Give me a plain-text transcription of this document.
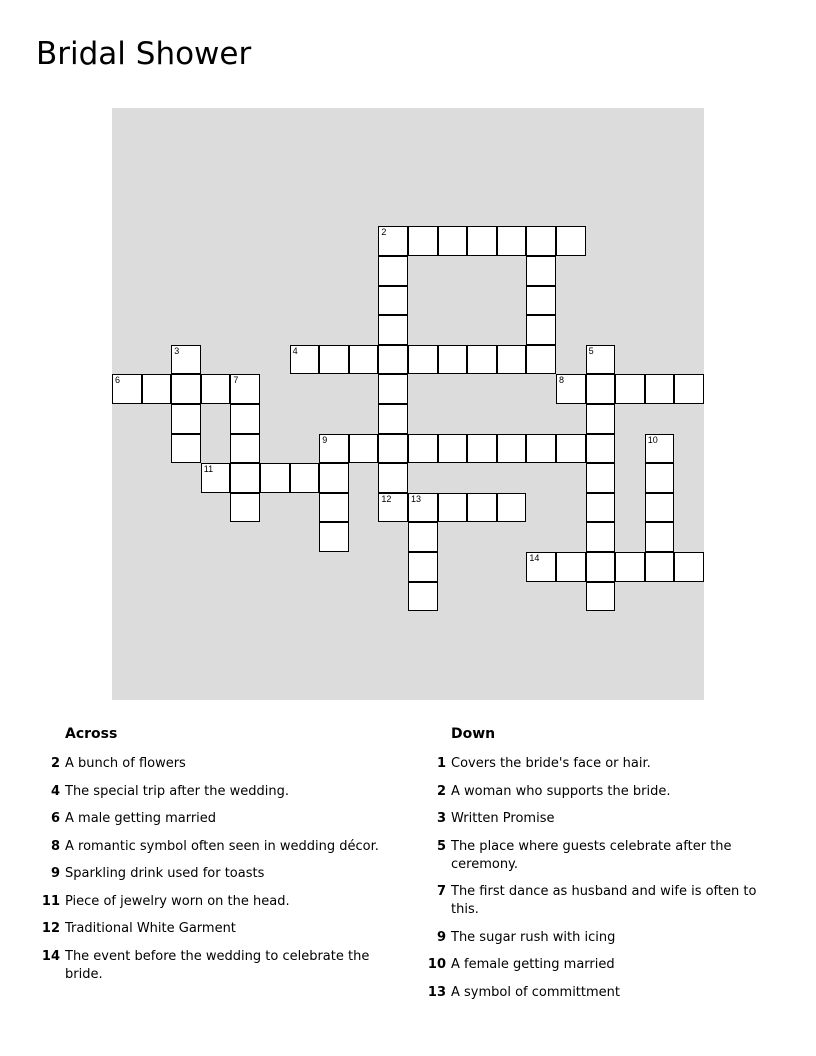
Bridal Shower
2
12
4
3
6	7	8
5
9
11
10
13
14
Across
2 A bunch of flowers
4 The special trip after the wedding.
6 A male getting married
8 A romantic symbol often seen in wedding décor.
9 Sparkling drink used for toasts
11 Piece of jewelry worn on the head.
12 Traditional White Garment
14 The event before the wedding to celebrate the bride.
Down
1 Covers the bride's face or hair.
2 A woman who supports the bride.
3 Written Promise
5 The place where guests celebrate after the ceremony.
7 The first dance as husband and wife is often to this.
9 The sugar rush with icing
10 A female getting married
13 A symbol of committment
